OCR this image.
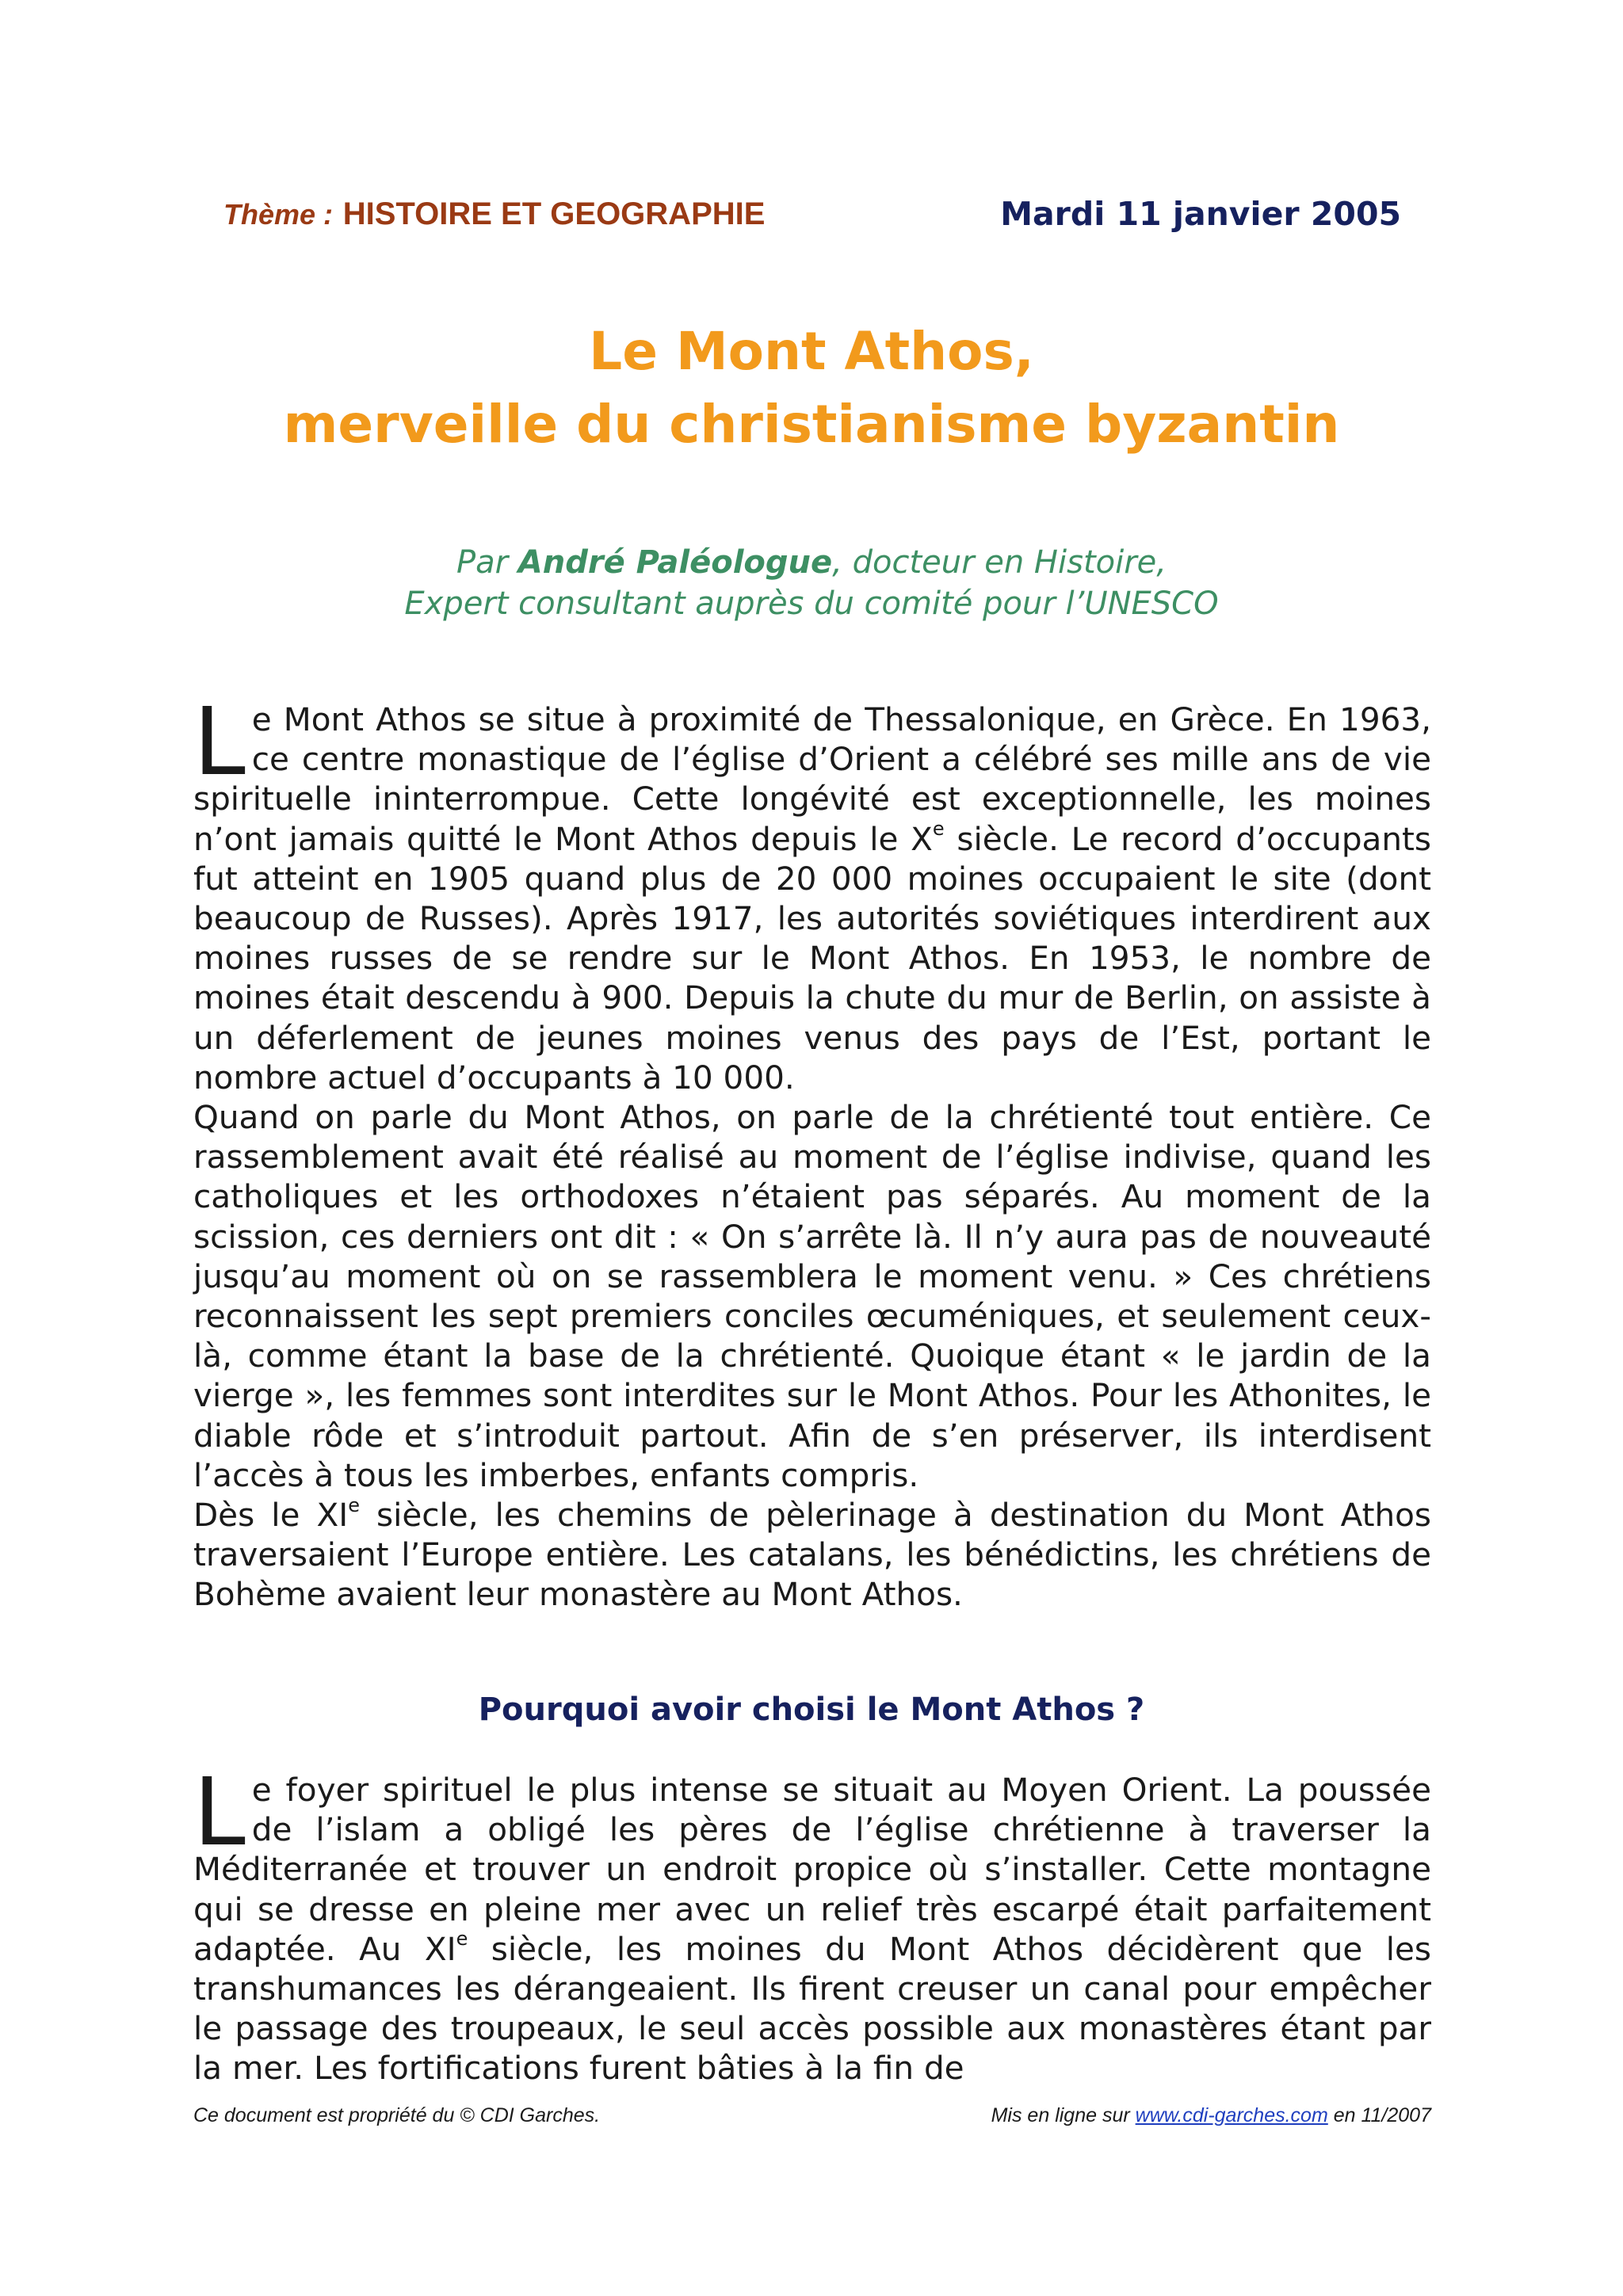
Thème : HISTOIRE ET GEOGRAPHIE	Mardi 11 janvier 2005
Le Mont Athos,
merveille du christianisme byzantin
Par André Paléologue, docteur en Histoire,
Expert consultant auprès du comité pour l’UNESCO

Le Mont Athos se situe à proximité de Thessalonique, en Grèce. En 1963, ce centre monastique de l’église d’Orient a célébré ses mille ans de vie spirituelle ininterrompue. Cette longévité est exceptionnelle, les moines n’ont jamais quitté le Mont Athos depuis le Xe siècle. Le record d’occupants fut atteint en 1905 quand plus de 20 000 moines occupaient le site (dont beaucoup de Russes). Après 1917, les autorités soviétiques interdirent aux moines russes de se rendre sur le Mont Athos. En 1953, le nombre de moines était descendu à 900. Depuis la chute du mur de Berlin, on assiste à un déferlement de jeunes moines venus des pays de l’Est, portant le nombre actuel d’occupants à 10 000.

Quand on parle du Mont Athos, on parle de la chrétienté tout entière. Ce rassemblement avait été réalisé au moment de l’église indivise, quand les catholiques et les orthodoxes n’étaient pas séparés. Au moment de la scission, ces derniers ont dit : « On s’arrête là. Il n’y aura pas de nouveauté jusqu’au moment où on se rassemblera le moment venu. » Ces chrétiens reconnaissent les sept premiers conciles œcuméniques, et seulement ceux-là, comme étant la base de la chrétienté. Quoique étant « le jardin de la vierge », les femmes sont interdites sur le Mont Athos. Pour les Athonites, le diable rôde et s’introduit partout. Afin de s’en préserver, ils interdisent l’accès à tous les imberbes, enfants compris.

Dès le XIe siècle, les chemins de pèlerinage à destination du Mont Athos traversaient l’Europe entière. Les catalans, les bénédictins, les chrétiens de Bohème avaient leur monastère au Mont Athos.

Pourquoi avoir choisi le Mont Athos ?

Le foyer spirituel le plus intense se situait au Moyen Orient. La poussée de l’islam a obligé les pères de l’église chrétienne à traverser la Méditerranée et trouver un endroit propice où s’installer. Cette montagne qui se dresse en pleine mer avec un relief très escarpé était parfaitement adaptée. Au XIe siècle, les moines du Mont Athos décidèrent que les transhumances les dérangeaient. Ils firent creuser un canal pour empêcher le passage des troupeaux, le seul accès possible aux monastères étant par la mer. Les fortifications furent bâties à la fin de

Ce document est propriété du © CDI Garches.	Mis en ligne sur www.cdi-garches.com en 11/2007
